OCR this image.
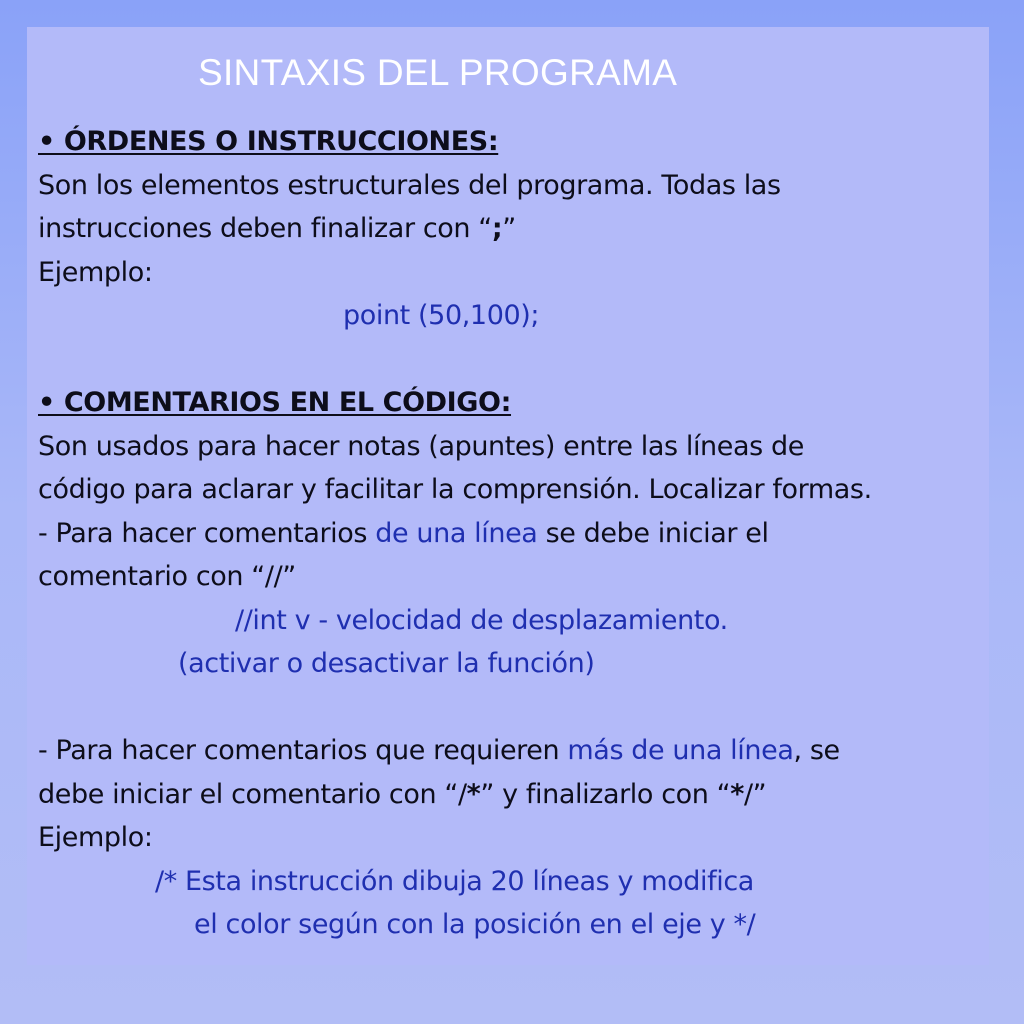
SINTAXIS DEL PROGRAMA
• ÓRDENES O INSTRUCCIONES:
Son los elementos estructurales del programa. Todas las
instrucciones deben finalizar con “;”
Ejemplo:
point (50,100);
• COMENTARIOS EN EL CÓDIGO:
Son usados para hacer notas (apuntes) entre las líneas de
código para aclarar y facilitar la comprensión. Localizar formas.
- Para hacer comentarios de una línea se debe iniciar el
comentario con “//”
//int v - velocidad de desplazamiento.
(activar o desactivar la función)
- Para hacer comentarios que requieren más de una línea, se
debe iniciar el comentario con “/*” y finalizarlo con “*/”
Ejemplo:
/* Esta instrucción dibuja 20 líneas y modifica
el color según con la posición en el eje y */
